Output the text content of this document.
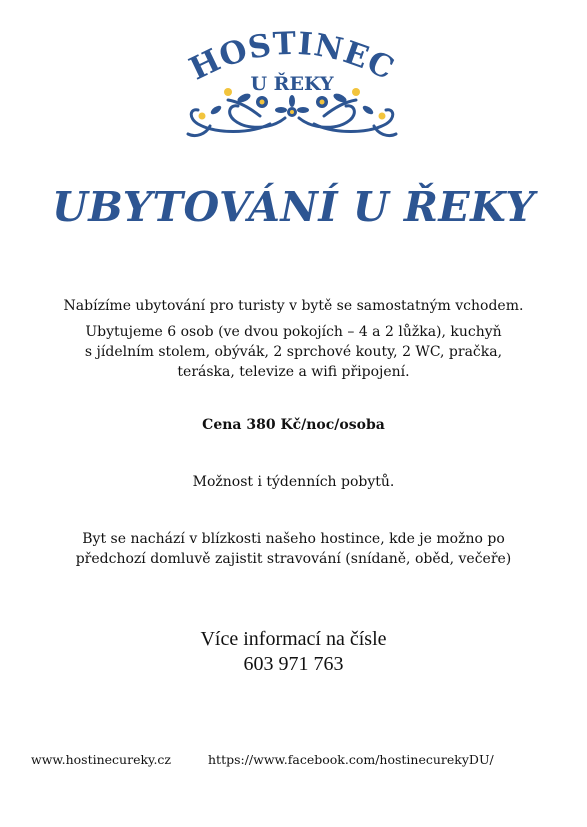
HOSTINEC
U ŘEKY
UBYTOVÁNÍ U ŘEKY
Nabízíme ubytování pro turisty v bytě se samostatným vchodem.
Ubytujeme 6 osob (ve dvou pokojích – 4 a 2 lůžka), kuchyň
s jídelním stolem, obývák, 2 sprchové kouty, 2 WC, pračka,
teráska, televize a wifi připojení.
Cena 380 Kč/noc/osoba
Možnost i týdenních pobytů.
Byt se nachází v blízkosti našeho hostince, kde je možno po
předchozí domluvě zajistit stravování (snídaně, oběd, večeře)
Více informací na čísle
603 971 763
www.hostinecureky.cz	https://www.facebook.com/hostinecurekyDU/
